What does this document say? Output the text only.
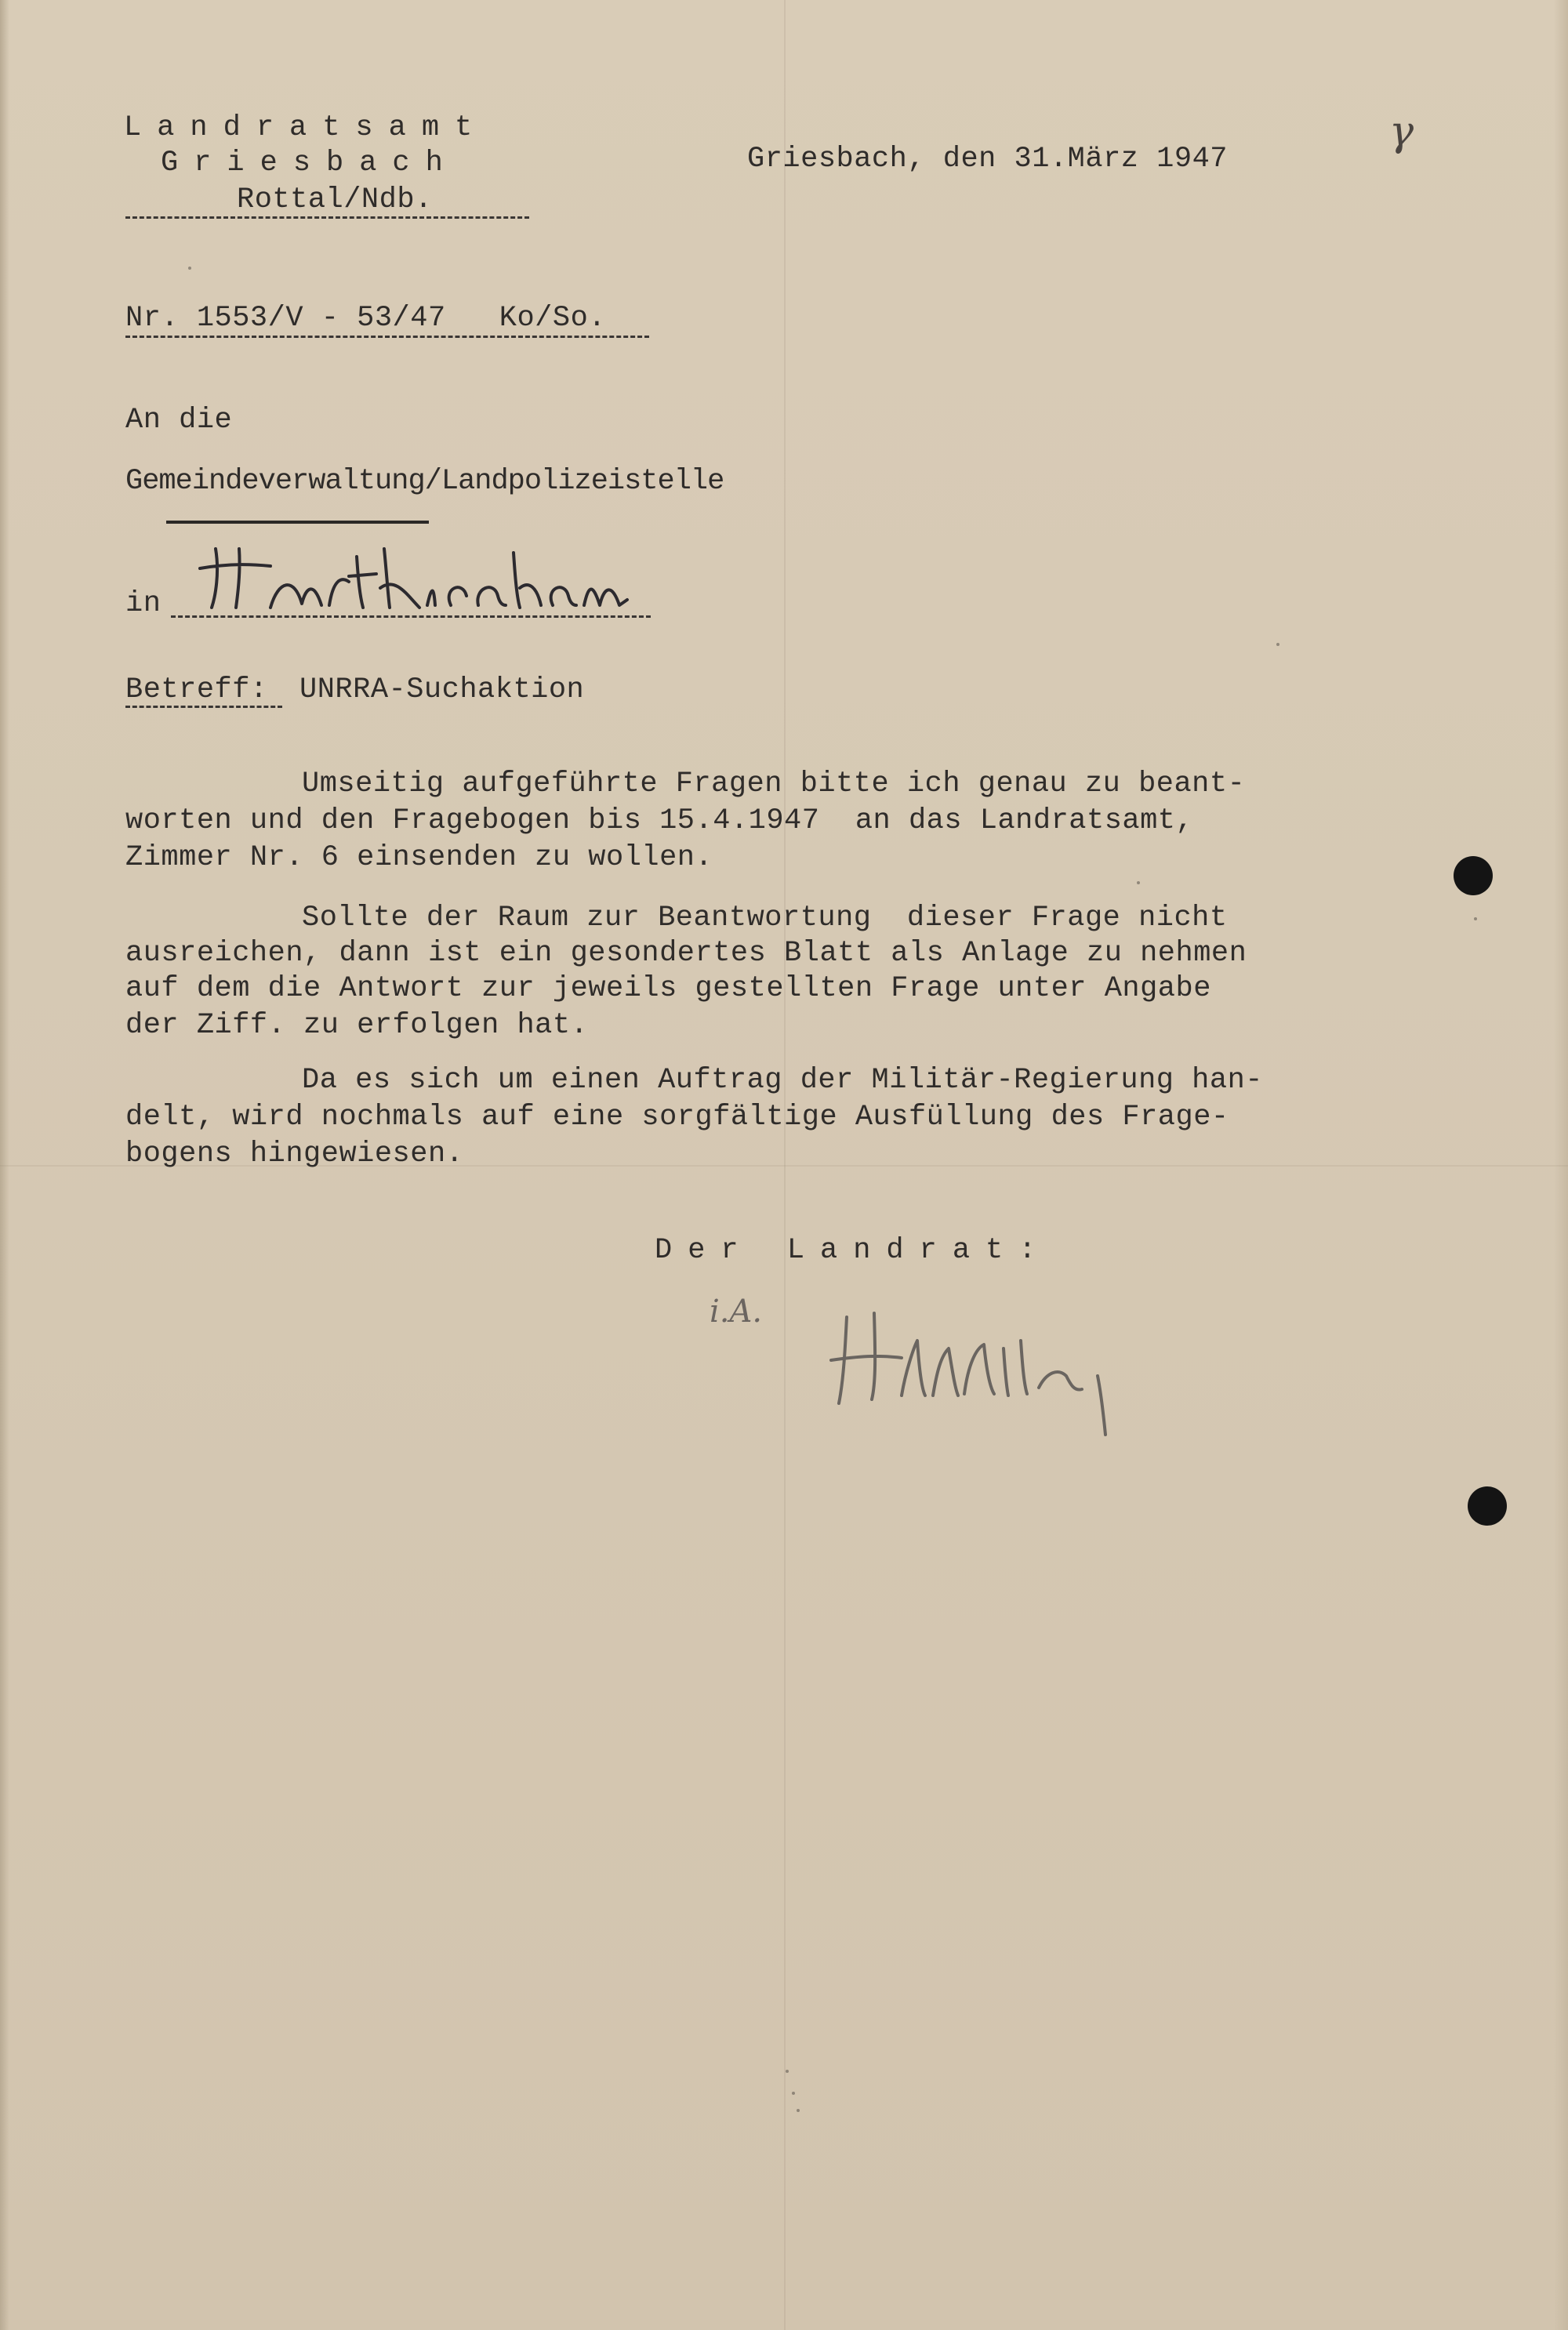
Landratsamt
Griesbach
Rottal/Ndb.
Griesbach, den 31.März 1947
γ
Nr. 1553/V - 53/47   Ko/So.
An die
Gemeindeverwaltung/Landpolizeistelle
in
Hartkirchen
Betreff: UNRRA-Suchaktion
Umseitig aufgeführte Fragen bitte ich genau zu beant-
worten und den Fragebogen bis 15.4.1947  an das Landratsamt,
Zimmer Nr. 6 einsenden zu wollen.
Sollte der Raum zur Beantwortung  dieser Frage nicht
ausreichen, dann ist ein gesondertes Blatt als Anlage zu nehmen
auf dem die Antwort zur jeweils gestellten Frage unter Angabe
der Ziff. zu erfolgen hat.
Da es sich um einen Auftrag der Militär-Regierung han-
delt, wird nochmals auf eine sorgfältige Ausfüllung des Frage-
bogens hingewiesen.
Der Landrat:
i.A.
